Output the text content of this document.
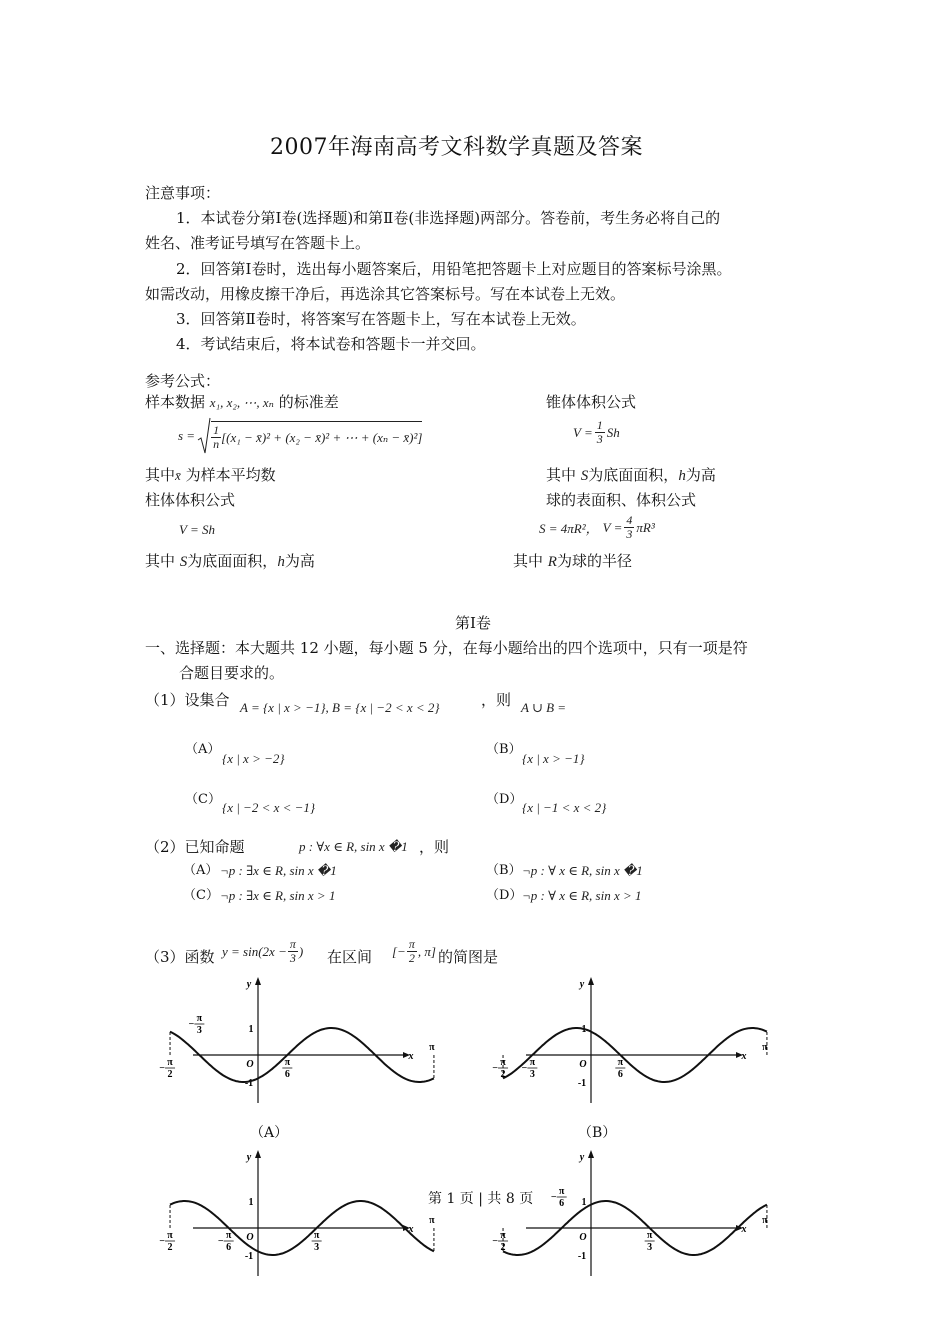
2007年海南高考文科数学真题及答案
注意事项：
1．本试卷分第Ⅰ卷(选择题)和第Ⅱ卷(非选择题)两部分。答卷前，考生务必将自己的
姓名、准考证号填写在答题卡上。
2．回答第Ⅰ卷时，选出每小题答案后，用铅笔把答题卡上对应题目的答案标号涂黑。
如需改动，用橡皮擦干净后，再选涂其它答案标号。写在本试卷上无效。
3．回答第Ⅱ卷时，将答案写在答题卡上，写在本试卷上无效。
4．考试结束后，将本试卷和答题卡一并交回。
参考公式：
样本数据 x₁, x₂, ⋯, xₙ 的标准差
$s = \frac{1}{n} [(x_1$ − x̄)² + (x₂ − x̄)² + ⋯ + (xₙ − x̄)²]
其中x̄ 为样本平均数
柱体体积公式
V = Sh
其中 S为底面面积，h为高
锥体体积公式
$V = \frac{1}{3}$ Sh
其中 S为底面面积，h为高
球的表面积、体积公式
S = 4πR²， $V = \frac{4}{3} \pi R^3$
其中 R为球的半径
第Ⅰ卷
一、选择题：本大题共 12 小题，每小题 5 分，在每小题给出的四个选项中，只有一项是符
合题目要求的。
（1）设集合 A = {x | x > −1}, B = {x | −2 < x < 2}	，则 A ∪ B =
（A）
{x | x > −2}
（B）
{x | x > −1}
（C）
{x | −2 < x < −1}
（D）
{x | −1 < x < 2}
（2）已知命题	p : ∀x ∈ R, sin x �1 ，则
（A） ¬p : ∃x ∈ R, sin x �1	（B） ¬p : ∀ x ∈ R, sin x �1
（C） ¬p : ∃x ∈ R, sin x > 1	（D） ¬p : ∀ x ∈ R, sin x > 1
（3）函数 $y = \sin(2x - \frac{\pi}{3}$ ) 在区间 [− $\frac{\pi}{2}$ , π] 的简图是
y
x
O
1
-1
π
−
π
2
−
π
3
π
6
y
x
O
1
-1
π
−
π
2
−
π
3
π
6
y
x
O
1
-1
π
−
π
2
−
π
6
π
3
y
x
O
1
-1
π
−
π
2
−
π
6
π
3
（A）	（B）
第 1 页 | 共 8 页
